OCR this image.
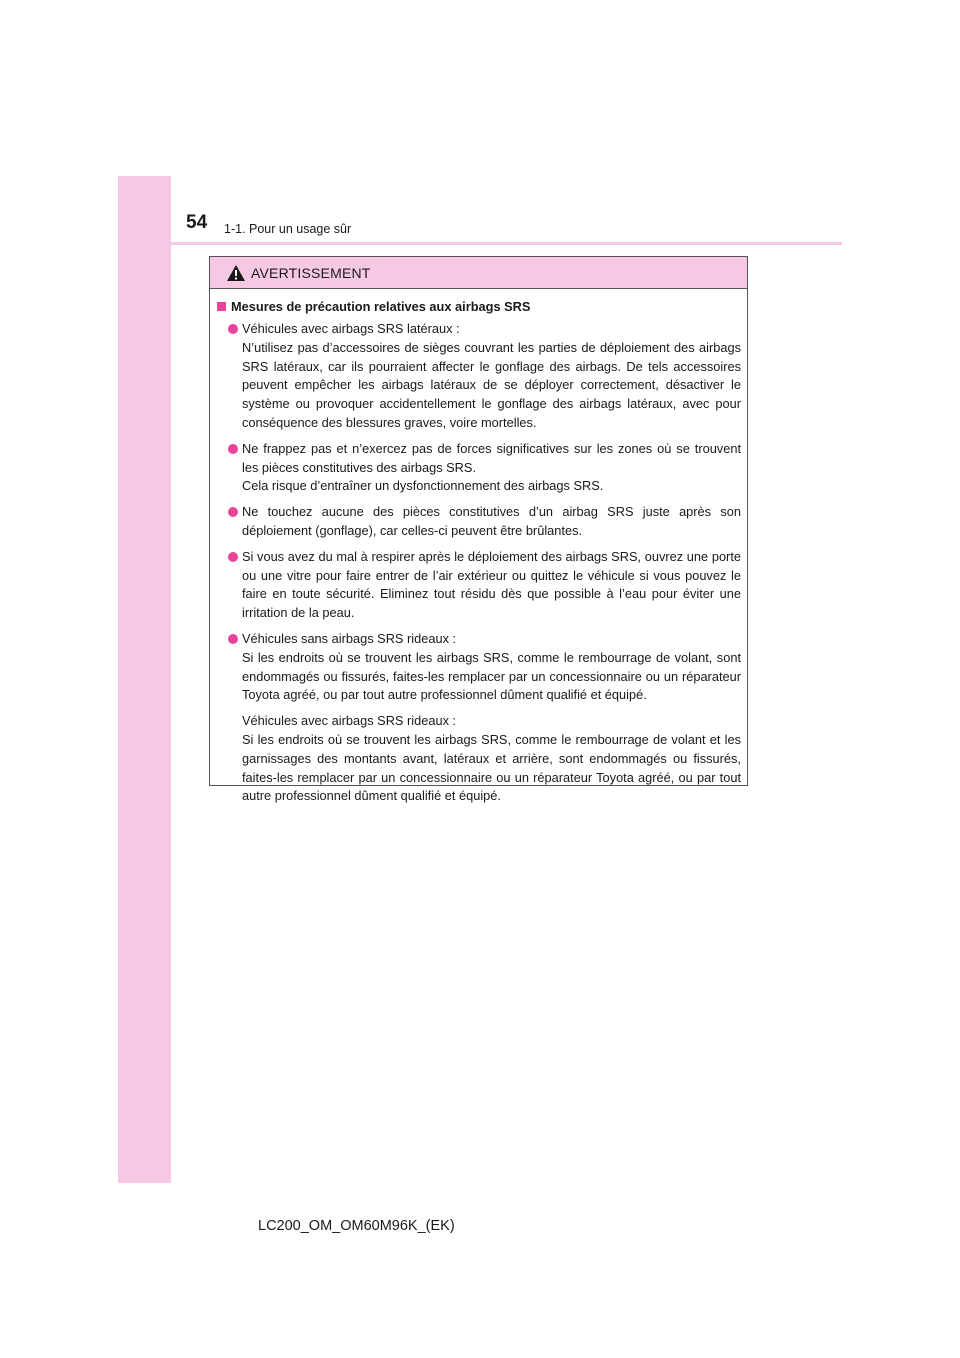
54 1-1. Pour un usage sûr
AVERTISSEMENT
Mesures de précaution relatives aux airbags SRS

Véhicules avec airbags SRS latéraux :

N’utilisez pas d’accessoires de sièges couvrant les parties de déploiement des airbags SRS latéraux, car ils pourraient affecter le gonflage des airbags. De tels accessoires peuvent empêcher les airbags latéraux de se déployer correctement, désactiver le système ou provoquer accidentellement le gonflage des airbags latéraux, avec pour conséquence des blessures graves, voire mortelles.

Ne frappez pas et n’exercez pas de forces significatives sur les zones où se trouvent les pièces constitutives des airbags SRS.

Cela risque d’entraîner un dysfonctionnement des airbags SRS.

Ne touchez aucune des pièces constitutives d’un airbag SRS juste après son déploiement (gonflage), car celles-ci peuvent être brûlantes.

Si vous avez du mal à respirer après le déploiement des airbags SRS, ouvrez une porte ou une vitre pour faire entrer de l’air extérieur ou quittez le véhicule si vous pouvez le faire en toute sécurité. Eliminez tout résidu dès que possible à l’eau pour éviter une irritation de la peau.

Véhicules sans airbags SRS rideaux :

Si les endroits où se trouvent les airbags SRS, comme le rembourrage de volant, sont endommagés ou fissurés, faites-les remplacer par un concessionnaire ou un réparateur Toyota agréé, ou par tout autre professionnel dûment qualifié et équipé.

Véhicules avec airbags SRS rideaux :

Si les endroits où se trouvent les airbags SRS, comme le rembourrage de volant et les garnissages des montants avant, latéraux et arrière, sont endommagés ou fissurés, faites-les remplacer par un concessionnaire ou un réparateur Toyota agréé, ou par tout autre professionnel dûment qualifié et équipé.

LC200_OM_OM60M96K_(EK)
